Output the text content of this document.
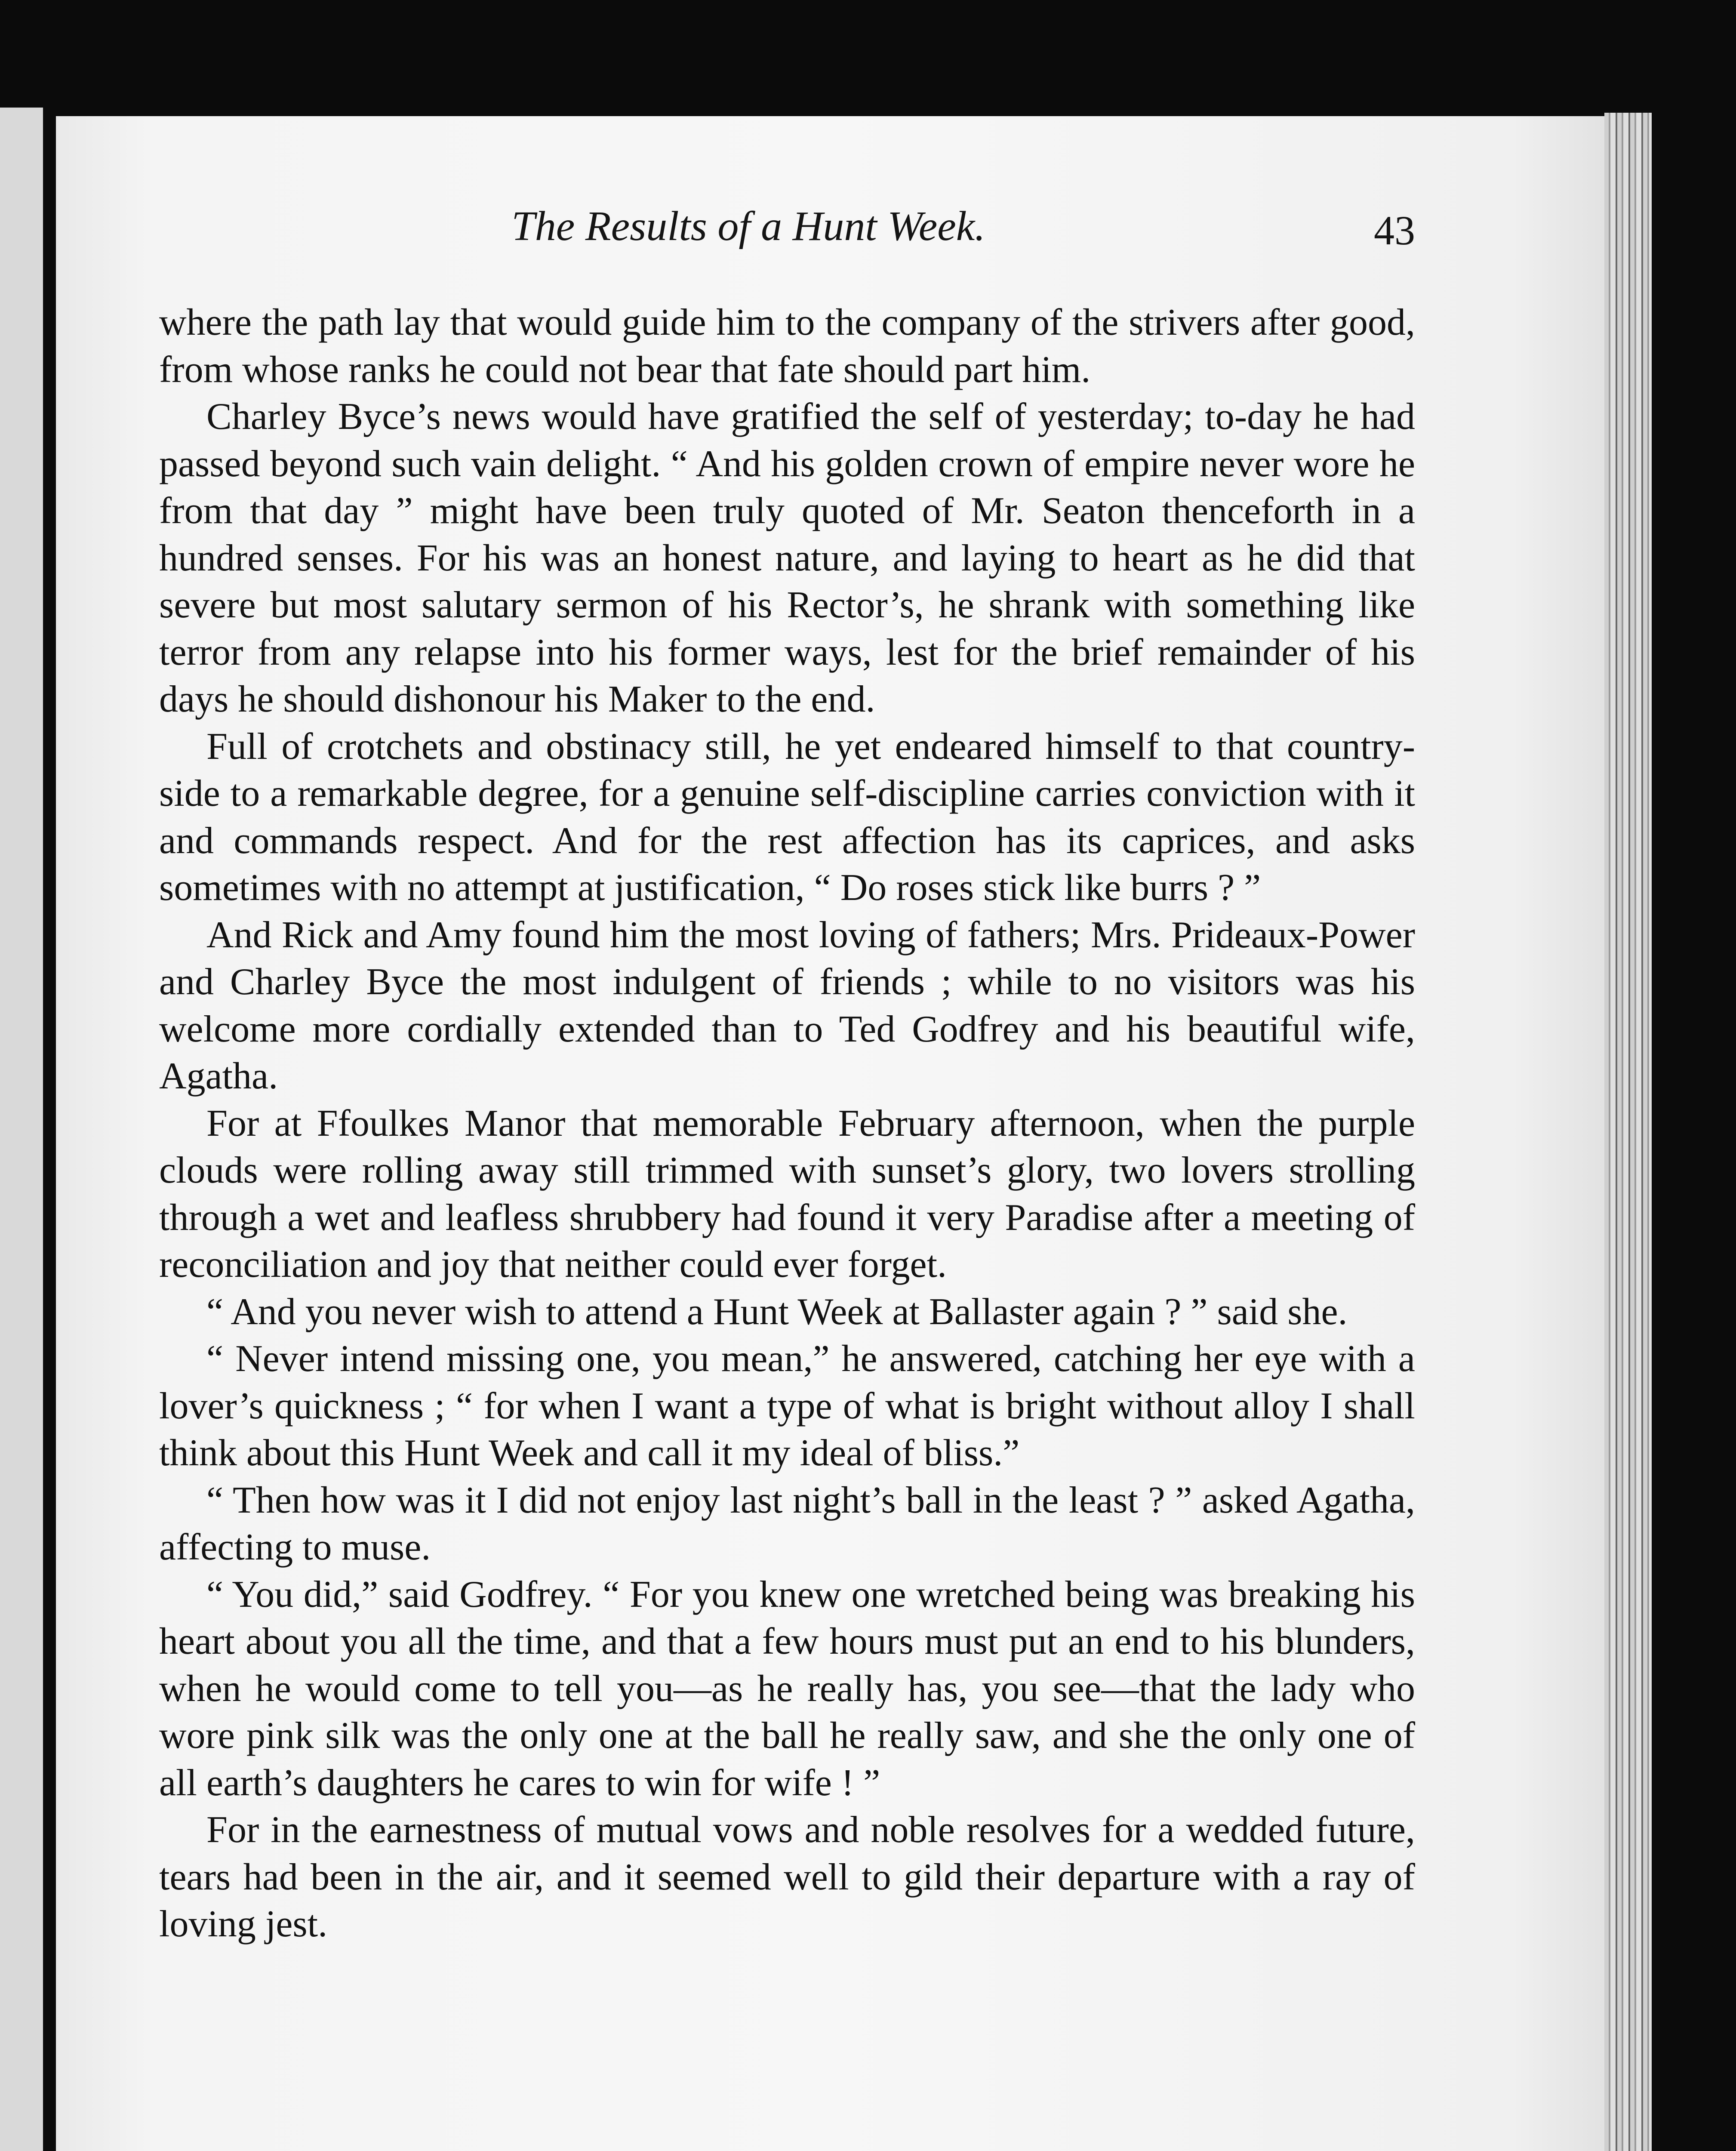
The Results of a Hunt Week.	43

where the path lay that would guide him to the company of the strivers after good, from whose ranks he could not bear that fate should part him.

Charley Byce’s news would have gratified the self of yesterday; to-day he had passed beyond such vain delight. “ And his golden crown of empire never wore he from that day ” might have been truly quoted of Mr. Seaton thenceforth in a hundred senses. For his was an honest nature, and laying to heart as he did that severe but most salutary sermon of his Rector’s, he shrank with something like terror from any relapse into his former ways, lest for the brief remainder of his days he should dishonour his Maker to the end.

Full of crotchets and obstinacy still, he yet endeared himself to that country-side to a remarkable degree, for a genuine self-discipline carries conviction with it and commands respect. And for the rest affection has its caprices, and asks sometimes with no attempt at justification, “ Do roses stick like burrs ? ”

And Rick and Amy found him the most loving of fathers; Mrs. Prideaux-Power and Charley Byce the most indulgent of friends ; while to no visitors was his welcome more cordially extended than to Ted Godfrey and his beautiful wife, Agatha.

For at Ffoulkes Manor that memorable February afternoon, when the purple clouds were rolling away still trimmed with sunset’s glory, two lovers strolling through a wet and leafless shrubbery had found it very Paradise after a meeting of reconciliation and joy that neither could ever forget.

“ And you never wish to attend a Hunt Week at Ballaster again ? ” said she.

“ Never intend missing one, you mean,” he answered, catching her eye with a lover’s quickness ; “ for when I want a type of what is bright without alloy I shall think about this Hunt Week and call it my ideal of bliss.”

“ Then how was it I did not enjoy last night’s ball in the least ? ” asked Agatha, affecting to muse.

“ You did,” said Godfrey. “ For you knew one wretched being was breaking his heart about you all the time, and that a few hours must put an end to his blunders, when he would come to tell you—as he really has, you see—that the lady who wore pink silk was the only one at the ball he really saw, and she the only one of all earth’s daughters he cares to win for wife ! ”

For in the earnestness of mutual vows and noble resolves for a wedded future, tears had been in the air, and it seemed well to gild their departure with a ray of loving jest.
